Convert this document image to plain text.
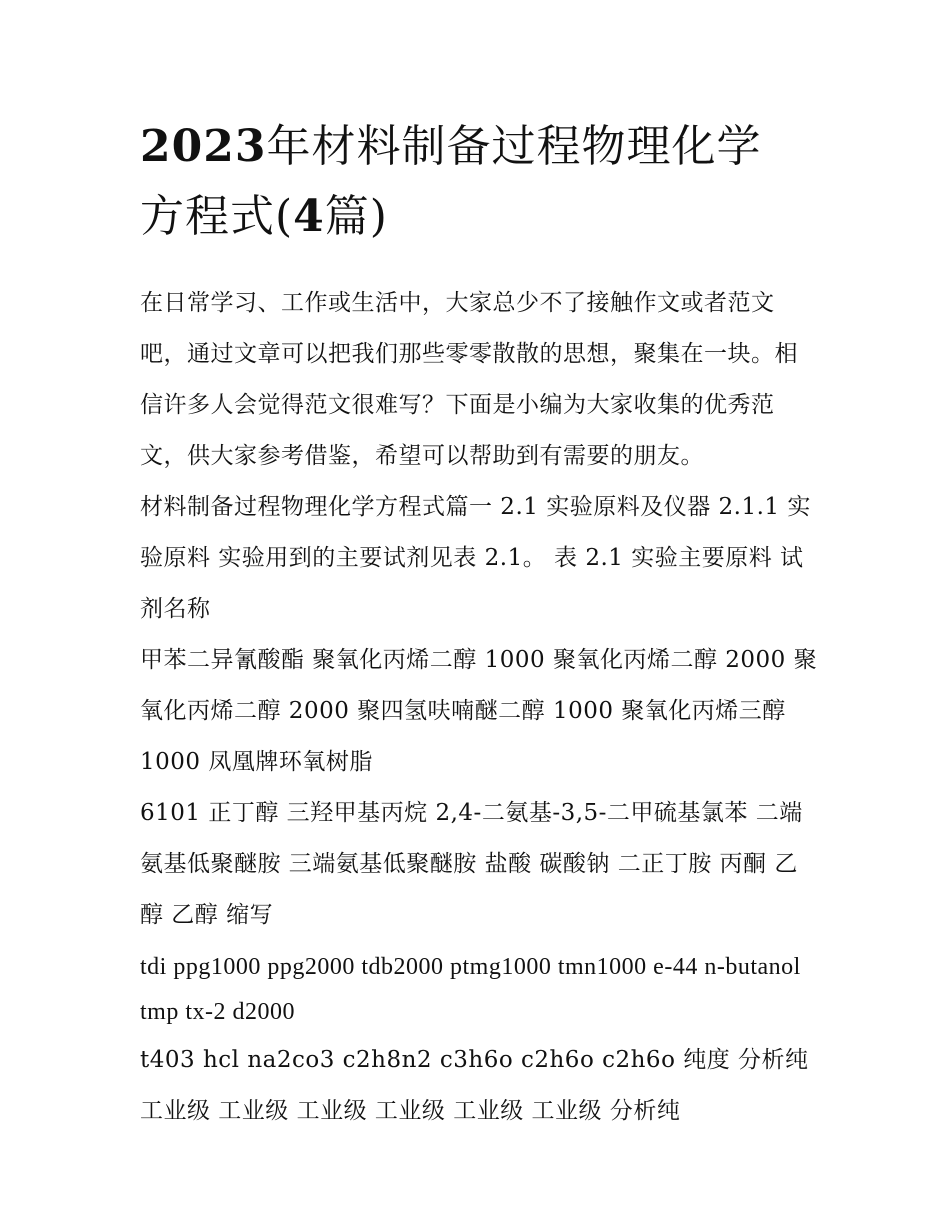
2023年材料制备过程物理化学
方程式(4篇)

在日常学习、工作或生活中，大家总少不了接触作文或者范文吧，通过文章可以把我们那些零零散散的思想，聚集在一块。相信许多人会觉得范文很难写？下面是小编为大家收集的优秀范文，供大家参考借鉴，希望可以帮助到有需要的朋友。

材料制备过程物理化学方程式篇一 2.1 实验原料及仪器 2.1.1 实验原料 实验用到的主要试剂见表 2.1。 表 2.1 实验主要原料 试剂名称

甲苯二异氰酸酯 聚氧化丙烯二醇 1000 聚氧化丙烯二醇 2000 聚氧化丙烯二醇 2000 聚四氢呋喃醚二醇 1000 聚氧化丙烯三醇 1000 凤凰牌环氧树脂

6101 正丁醇 三羟甲基丙烷 2,4-二氨基-3,5-二甲硫基氯苯 二端氨基低聚醚胺 三端氨基低聚醚胺 盐酸 碳酸钠 二正丁胺 丙酮 乙醇 乙醇 缩写

tdi ppg1000 ppg2000 tdb2000 ptmg1000 tmn1000 e-44 n-butanol tmp tx-2 d2000

t403 hcl na2co3 c2h8n2 c3h6o c2h6o c2h6o 纯度 分析纯 工业级 工业级 工业级 工业级 工业级 工业级 分析纯
